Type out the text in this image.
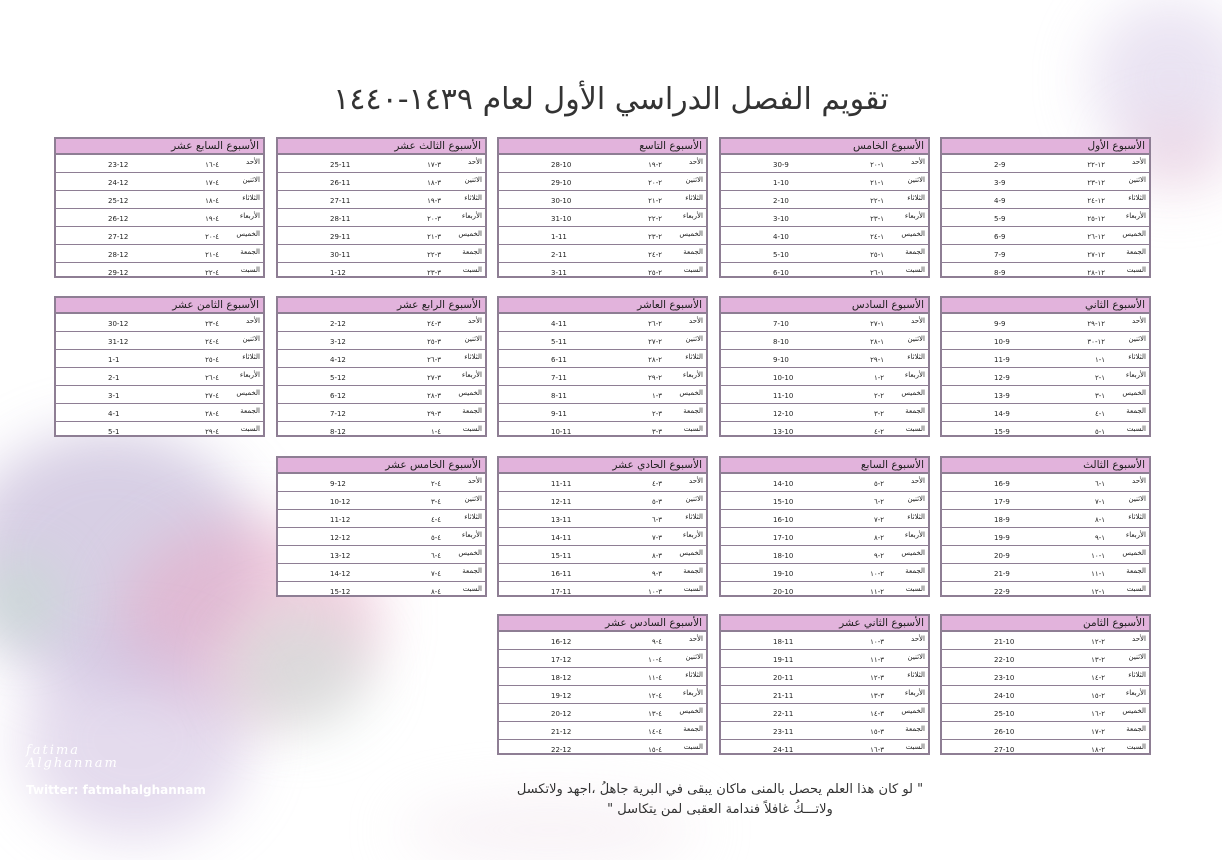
تقويم الفصل الدراسي الأول لعام ١٤٣٩-١٤٤٠
الأسبوع الأول
الأحد
١٢-٢٢
2-9
الاثنين
١٢-٢٣
3-9
الثلاثاء
١٢-٢٤
4-9
الأربعاء
١٢-٢٥
5-9
الخميس
١٢-٢٦
6-9
الجمعة
١٢-٢٧
7-9
السبت
١٢-٢٨
8-9
الأسبوع الخامس
الأحد
١-٢٠
30-9
الاثنين
١-٢١
1-10
الثلاثاء
١-٢٢
2-10
الأربعاء
١-٢٣
3-10
الخميس
١-٢٤
4-10
الجمعة
١-٢٥
5-10
السبت
١-٢٦
6-10
الأسبوع التاسع
الأحد
٢-١٩
28-10
الاثنين
٢-٢٠
29-10
الثلاثاء
٢-٢١
30-10
الأربعاء
٢-٢٢
31-10
الخميس
٢-٢٣
1-11
الجمعة
٢-٢٤
2-11
السبت
٢-٢٥
3-11
الأسبوع الثالث عشر
الأحد
٣-١٧
25-11
الاثنين
٣-١٨
26-11
الثلاثاء
٣-١٩
27-11
الأربعاء
٣-٢٠
28-11
الخميس
٣-٢١
29-11
الجمعة
٣-٢٢
30-11
السبت
٣-٢٣
1-12
الأسبوع السابع عشر
الأحد
٤-١٦
23-12
الاثنين
٤-١٧
24-12
الثلاثاء
٤-١٨
25-12
الأربعاء
٤-١٩
26-12
الخميس
٤-٢٠
27-12
الجمعة
٤-٢١
28-12
السبت
٤-٢٢
29-12
الأسبوع الثاني
الأحد
١٢-٢٩
9-9
الاثنين
١٢-٣٠
10-9
الثلاثاء
١-١
11-9
الأربعاء
١-٢
12-9
الخميس
١-٣
13-9
الجمعة
١-٤
14-9
السبت
١-٥
15-9
الأسبوع السادس
الأحد
١-٢٧
7-10
الاثنين
١-٢٨
8-10
الثلاثاء
١-٢٩
9-10
الأربعاء
٢-١
10-10
الخميس
٢-٢
11-10
الجمعة
٢-٣
12-10
السبت
٢-٤
13-10
الأسبوع العاشر
الأحد
٢-٢٦
4-11
الاثنين
٢-٢٧
5-11
الثلاثاء
٢-٢٨
6-11
الأربعاء
٢-٢٩
7-11
الخميس
٣-١
8-11
الجمعة
٣-٢
9-11
السبت
٣-٣
10-11
الأسبوع الرابع عشر
الأحد
٣-٢٤
2-12
الاثنين
٣-٢٥
3-12
الثلاثاء
٣-٢٦
4-12
الأربعاء
٣-٢٧
5-12
الخميس
٣-٢٨
6-12
الجمعة
٣-٢٩
7-12
السبت
٤-١
8-12
الأسبوع الثامن عشر
الأحد
٤-٢٣
30-12
الاثنين
٤-٢٤
31-12
الثلاثاء
٤-٢٥
1-1
الأربعاء
٤-٢٦
2-1
الخميس
٤-٢٧
3-1
الجمعة
٤-٢٨
4-1
السبت
٤-٢٩
5-1
الأسبوع الثالث
الأحد
١-٦
16-9
الاثنين
١-٧
17-9
الثلاثاء
١-٨
18-9
الأربعاء
١-٩
19-9
الخميس
١-١٠
20-9
الجمعة
١-١١
21-9
السبت
١-١٢
22-9
الأسبوع السابع
الأحد
٢-٥
14-10
الاثنين
٢-٦
15-10
الثلاثاء
٢-٧
16-10
الأربعاء
٢-٨
17-10
الخميس
٢-٩
18-10
الجمعة
٢-١٠
19-10
السبت
٢-١١
20-10
الأسبوع الحادي عشر
الأحد
٣-٤
11-11
الاثنين
٣-٥
12-11
الثلاثاء
٣-٦
13-11
الأربعاء
٣-٧
14-11
الخميس
٣-٨
15-11
الجمعة
٣-٩
16-11
السبت
٣-١٠
17-11
الأسبوع الخامس عشر
الأحد
٤-٢
9-12
الاثنين
٤-٣
10-12
الثلاثاء
٤-٤
11-12
الأربعاء
٤-٥
12-12
الخميس
٤-٦
13-12
الجمعة
٤-٧
14-12
السبت
٤-٨
15-12
الأسبوع الثامن
الأحد
٢-١٢
21-10
الاثنين
٢-١٣
22-10
الثلاثاء
٢-١٤
23-10
الأربعاء
٢-١٥
24-10
الخميس
٢-١٦
25-10
الجمعة
٢-١٧
26-10
السبت
٢-١٨
27-10
الأسبوع الثاني عشر
الأحد
٣-١٠
18-11
الاثنين
٣-١١
19-11
الثلاثاء
٣-١٢
20-11
الأربعاء
٣-١٣
21-11
الخميس
٣-١٤
22-11
الجمعة
٣-١٥
23-11
السبت
٣-١٦
24-11
الأسبوع السادس عشر
الأحد
٤-٩
16-12
الاثنين
٤-١٠
17-12
الثلاثاء
٤-١١
18-12
الأربعاء
٤-١٢
19-12
الخميس
٤-١٣
20-12
الجمعة
٤-١٤
21-12
السبت
٤-١٥
22-12
fatima
Alghannam
Twitter: fatmahalghannam	" لو كان هذا العلم يحصل بالمنى ماكان يبقى في البرية جاهلُ ،اجهد ولاتكسل
ولاتـــكُ غافلاً فندامة العقبى لمن يتكاسل "
